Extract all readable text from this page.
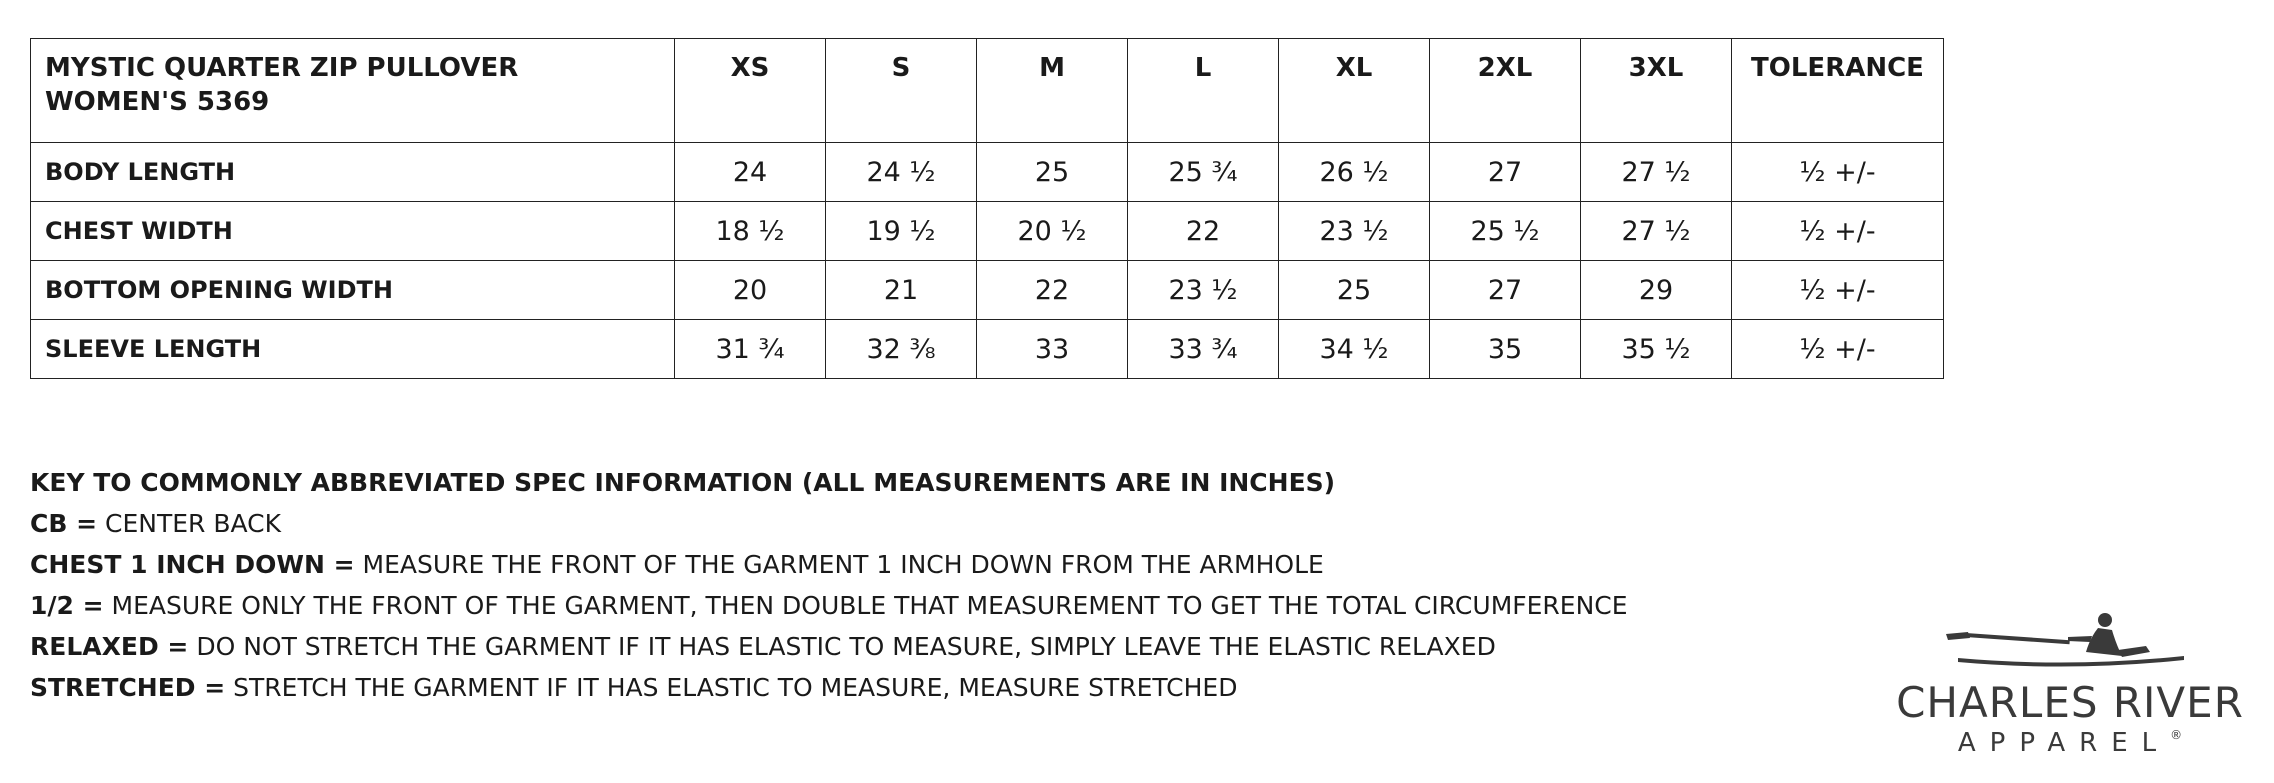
MYSTIC QUARTER ZIP PULLOVER
WOMEN'S 5369	XS	S	M	L	XL	2XL	3XL	TOLERANCE
BODY LENGTH	24	24 ½	25	25 ¾	26 ½	27	27 ½	½ +/-
CHEST WIDTH	18 ½	19 ½	20 ½	22	23 ½	25 ½	27 ½	½ +/-
BOTTOM OPENING WIDTH	20	21	22	23 ½	25	27	29	½ +/-
SLEEVE LENGTH	31 ¾	32 ⅜	33	33 ¾	34 ½	35	35 ½	½ +/-
KEY TO COMMONLY ABBREVIATED SPEC INFORMATION (ALL MEASUREMENTS ARE IN INCHES)
CB = CENTER BACK
CHEST 1 INCH DOWN = MEASURE THE FRONT OF THE GARMENT 1 INCH DOWN FROM THE ARMHOLE
1/2 = MEASURE ONLY THE FRONT OF THE GARMENT, THEN DOUBLE THAT MEASUREMENT TO GET THE TOTAL CIRCUMFERENCE
RELAXED = DO NOT STRETCH THE GARMENT IF IT HAS ELASTIC TO MEASURE, SIMPLY LEAVE THE ELASTIC RELAXED
STRETCHED = STRETCH THE GARMENT IF IT HAS ELASTIC TO MEASURE, MEASURE STRETCHED	CHARLES RIVER
APPAREL®
